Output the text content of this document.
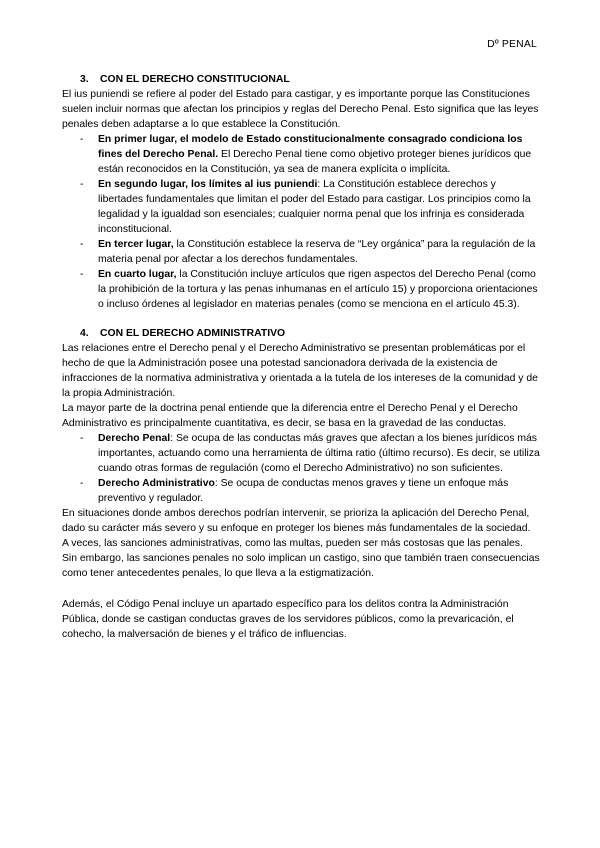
Dº PENAL
3. CON EL DERECHO CONSTITUCIONAL

El ius puniendi se refiere al poder del Estado para castigar, y es importante porque las Constituciones suelen incluir normas que afectan los principios y reglas del Derecho Penal. Esto significa que las leyes penales deben adaptarse a lo que establece la Constitución.

- En primer lugar, el modelo de Estado constitucionalmente consagrado condiciona los fines del Derecho Penal. El Derecho Penal tiene como objetivo proteger bienes jurídicos que están reconocidos en la Constitución, ya sea de manera explícita o implícita.
- En segundo lugar, los límites al ius puniendi: La Constitución establece derechos y libertades fundamentales que limitan el poder del Estado para castigar. Los principios como la legalidad y la igualdad son esenciales; cualquier norma penal que los infrinja es considerada inconstitucional.
- En tercer lugar, la Constitución establece la reserva de “Ley orgánica” para la regulación de la materia penal por afectar a los derechos fundamentales.
- En cuarto lugar, la Constitución incluye artículos que rigen aspectos del Derecho Penal (como la prohibición de la tortura y las penas inhumanas en el artículo 15) y proporciona orientaciones o incluso órdenes al legislador en materias penales (como se menciona en el artículo 45.3).
4. CON EL DERECHO ADMINISTRATIVO

Las relaciones entre el Derecho penal y el Derecho Administrativo se presentan problemáticas por el hecho de que la Administración posee una potestad sancionadora derivada de la existencia de infracciones de la normativa administrativa y orientada a la tutela de los intereses de la comunidad y de la propia Administración.

La mayor parte de la doctrina penal entiende que la diferencia entre el Derecho Penal y el Derecho Administrativo es principalmente cuantitativa, es decir, se basa en la gravedad de las conductas.

- Derecho Penal: Se ocupa de las conductas más graves que afectan a los bienes jurídicos más importantes, actuando como una herramienta de última ratio (último recurso). Es decir, se utiliza cuando otras formas de regulación (como el Derecho Administrativo) no son suficientes.
- Derecho Administrativo: Se ocupa de conductas menos graves y tiene un enfoque más preventivo y regulador.

En situaciones donde ambos derechos podrían intervenir, se prioriza la aplicación del Derecho Penal, dado su carácter más severo y su enfoque en proteger los bienes más fundamentales de la sociedad.

A veces, las sanciones administrativas, como las multas, pueden ser más costosas que las penales. Sin embargo, las sanciones penales no solo implican un castigo, sino que también traen consecuencias como tener antecedentes penales, lo que lleva a la estigmatización.

Además, el Código Penal incluye un apartado específico para los delitos contra la Administración Pública, donde se castigan conductas graves de los servidores públicos, como la prevaricación, el cohecho, la malversación de bienes y el tráfico de influencias.
